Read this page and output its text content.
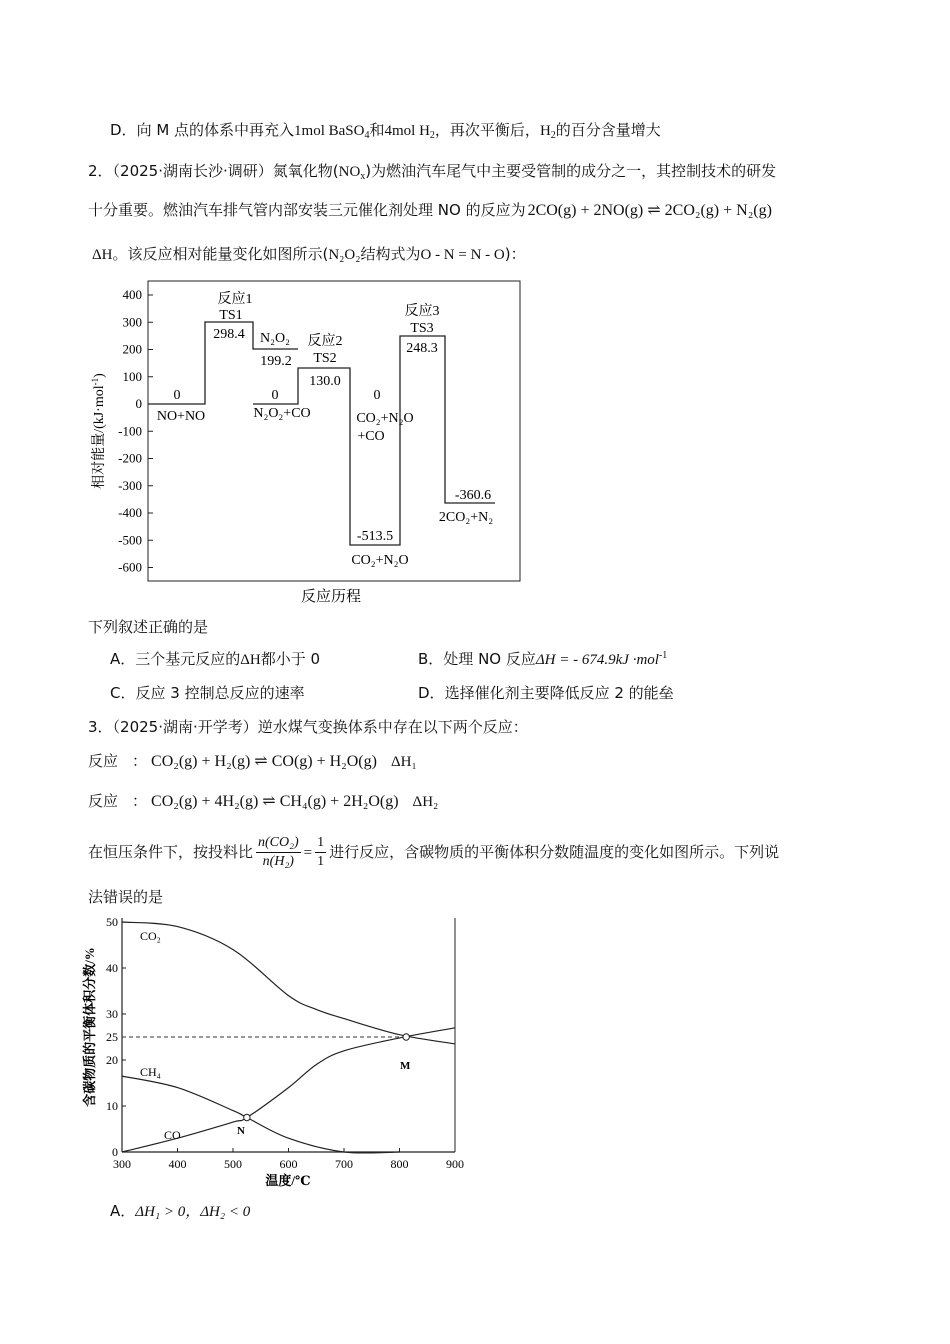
D．向 M 点的体系中再充入1mol BaSO$_4$和4mol $H_2$，再次平衡后，$H_2$的百分含量增大
2．（2025·湖南长沙·调研）氮氧化物$(NO_x)$为燃油汽车尾气中主要受管制的成分之一，其控制技术的研发
十分重要。燃油汽车排气管内部安装三元催化剂处理 NO 的反应为 2CO(g) + 2NO(g) ⇌ 2CO₂(g) + N₂(g)
ΔH。该反应相对能量变化如图所示(N₂O₂结构式为O - N = N - O)：
400
300
200
100
0
-100
-200
-300
-400
-500
-600
相对能量/(kJ·mol$^{-1}$)
反应历程
反应1
TS1
298.4
0
NO+NO
N₂O₂
199.2
反应2
TS2
130.0
0
N₂O₂+CO
0
CO₂+N₂O
+CO
-513.5
CO₂+N₂O
反应3
TS3
248.3
-360.6
2CO₂+N₂
下列叙述正确的是
A．三个基元反应的ΔH都小于 0	B．处理 NO 反应ΔH = - 674.9kJ ·mol$^{-1}$
C．反应 3 控制总反应的速率	D．选择催化剂主要降低反应 2 的能垒
3．（2025·湖南·开学考）逆水煤气变换体系中存在以下两个反应：
反应 ： CO₂(g) + H₂(g) ⇌ CO(g) + H₂O(g) ΔH₁
反应 ： CO₂(g) + 4H₂(g) ⇌ CH₄(g) + 2H₂O(g) ΔH₂
在恒压条件下，按投料比 $\frac{\text{n(CO₂)}}{\text{n(H₂)}} = \frac{1}{1}$ 进行反应，含碳物质的平衡体积分数随温度的变化如图所示。下列说
法错误的是
50
40
30
25
20
10
0
300	400	500	600	700	800	900
含碳物质的平衡体积分数/%
温度/℃
CO₂
CH₄
CO
M
N
A．ΔH₁ > 0，ΔH₂ < 0
